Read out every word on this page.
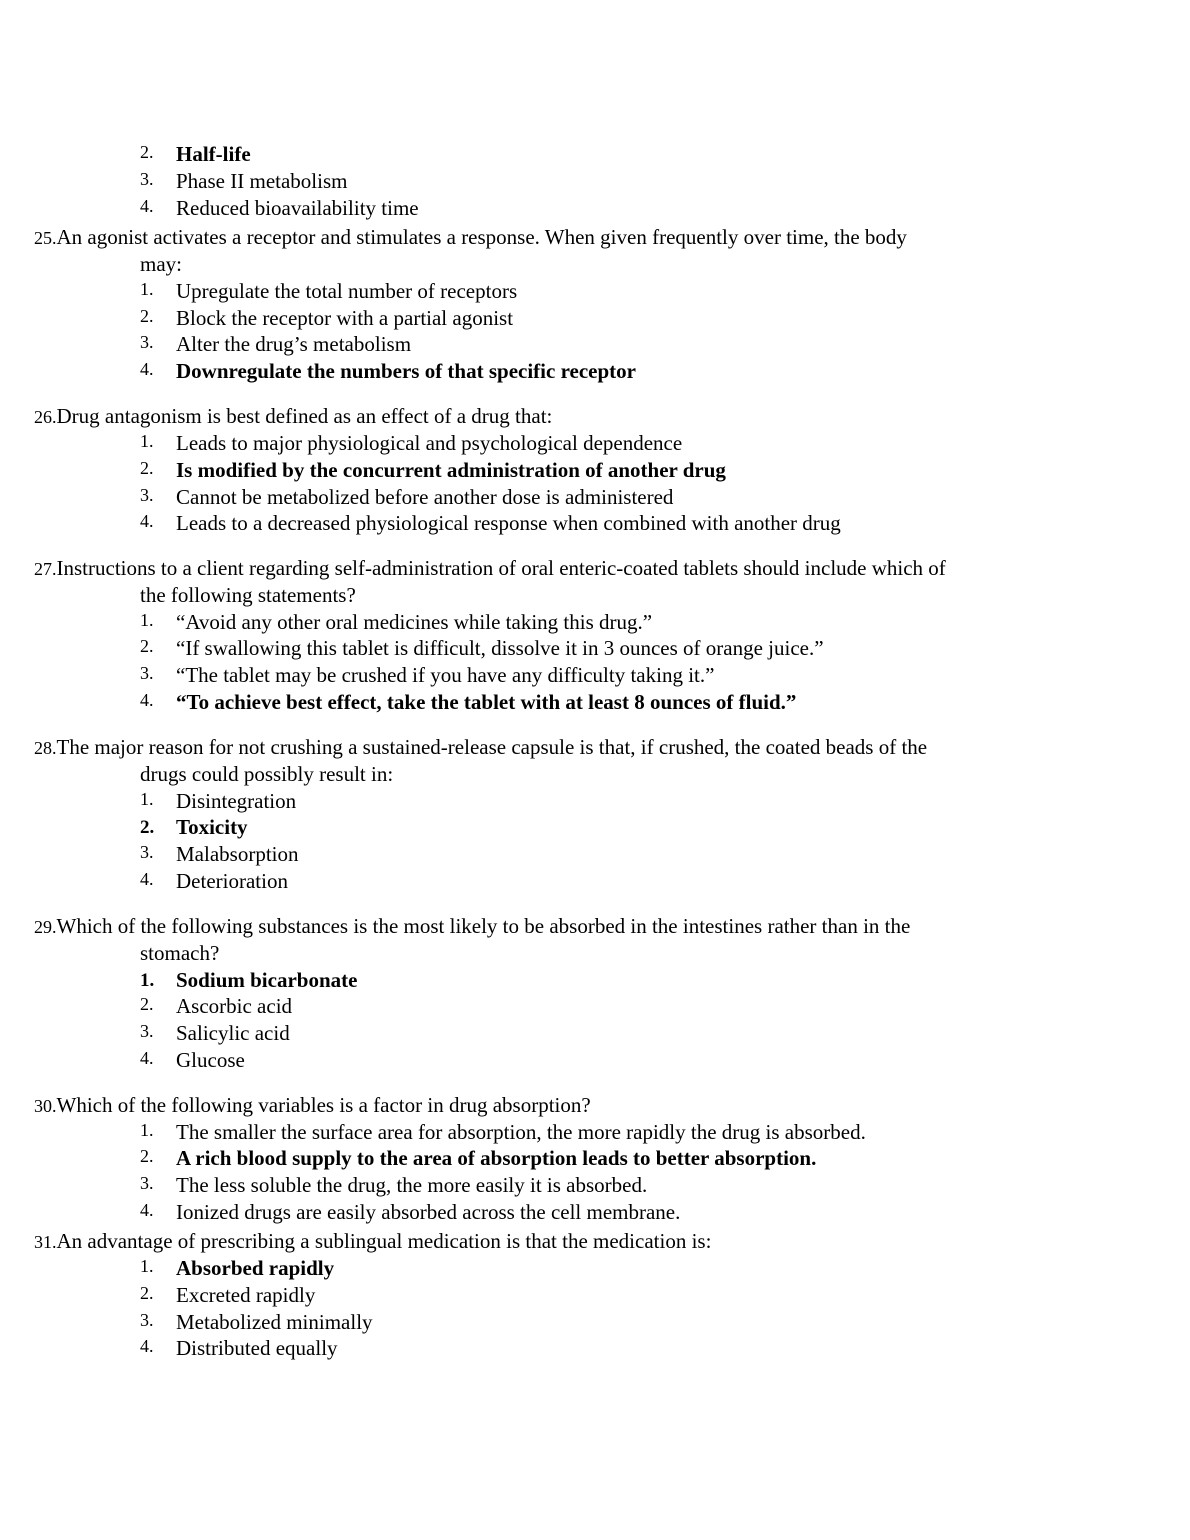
2. Half-life
3. Phase II metabolism
4. Reduced bioavailability time
25.An agonist activates a receptor and stimulates a response. When given frequently over time, the body
may:
1. Upregulate the total number of receptors
2. Block the receptor with a partial agonist
3. Alter the drug’s metabolism
4. Downregulate the numbers of that specific receptor
26.Drug antagonism is best defined as an effect of a drug that:
1. Leads to major physiological and psychological dependence
2. Is modified by the concurrent administration of another drug
3. Cannot be metabolized before another dose is administered
4. Leads to a decreased physiological response when combined with another drug
27.Instructions to a client regarding self-administration of oral enteric-coated tablets should include which of
the following statements?
1. “Avoid any other oral medicines while taking this drug.”
2. “If swallowing this tablet is difficult, dissolve it in 3 ounces of orange juice.”
3. “The tablet may be crushed if you have any difficulty taking it.”
4. “To achieve best effect, take the tablet with at least 8 ounces of fluid.”
28.The major reason for not crushing a sustained-release capsule is that, if crushed, the coated beads of the
drugs could possibly result in:
1. Disintegration
2. Toxicity
3. Malabsorption
4. Deterioration
29.Which of the following substances is the most likely to be absorbed in the intestines rather than in the
stomach?
1. Sodium bicarbonate
2. Ascorbic acid
3. Salicylic acid
4. Glucose
30.Which of the following variables is a factor in drug absorption?
1. The smaller the surface area for absorption, the more rapidly the drug is absorbed.
2. A rich blood supply to the area of absorption leads to better absorption.
3. The less soluble the drug, the more easily it is absorbed.
4. Ionized drugs are easily absorbed across the cell membrane.
31.An advantage of prescribing a sublingual medication is that the medication is:
1. Absorbed rapidly
2. Excreted rapidly
3. Metabolized minimally
4. Distributed equally
